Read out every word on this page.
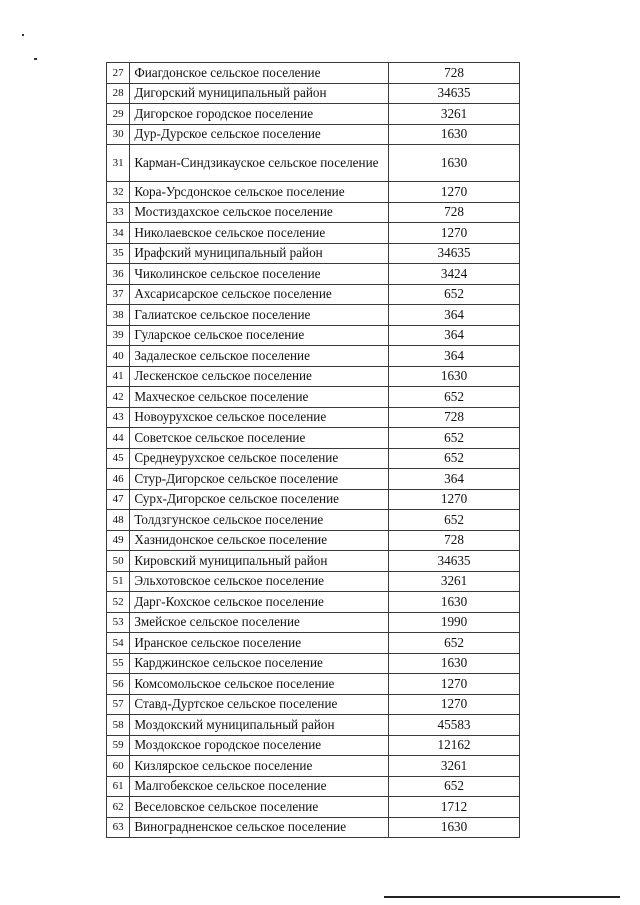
27	Фиагдонское сельское поселение	728
28	Дигорский муниципальный район	34635
29	Дигорское городское поселение	3261
30	Дур-Дурское сельское поселение	1630
31	Карман-Синдзикауское сельское поселение	1630
32	Кора-Урсдонское сельское поселение	1270
33	Мостиздахское сельское поселение	728
34	Николаевское сельское поселение	1270
35	Ирафский муниципальный район	34635
36	Чиколинское сельское поселение	3424
37	Ахсарисарское сельское поселение	652
38	Галиатское сельское поселение	364
39	Гуларское сельское поселение	364
40	Задалеское сельское поселение	364
41	Лескенское сельское поселение	1630
42	Махческое сельское поселение	652
43	Новоурухское сельское поселение	728
44	Советское сельское поселение	652
45	Среднеурухское сельское поселение	652
46	Стур-Дигорское сельское поселение	364
47	Сурх-Дигорское сельское поселение	1270
48	Толдзгунское сельское поселение	652
49	Хазнидонское сельское поселение	728
50	Кировский муниципальный район	34635
51	Эльхотовское сельское поселение	3261
52	Дарг-Кохское сельское поселение	1630
53	Змейское сельское поселение	1990
54	Иранское сельское поселение	652
55	Карджинское сельское поселение	1630
56	Комсомольское сельское поселение	1270
57	Ставд-Дуртское сельское поселение	1270
58	Моздокский муниципальный район	45583
59	Моздокское городское поселение	12162
60	Кизлярское сельское поселение	3261
61	Малгобекское сельское поселение	652
62	Веселовское сельское поселение	1712
63	Виноградненское сельское поселение	1630
